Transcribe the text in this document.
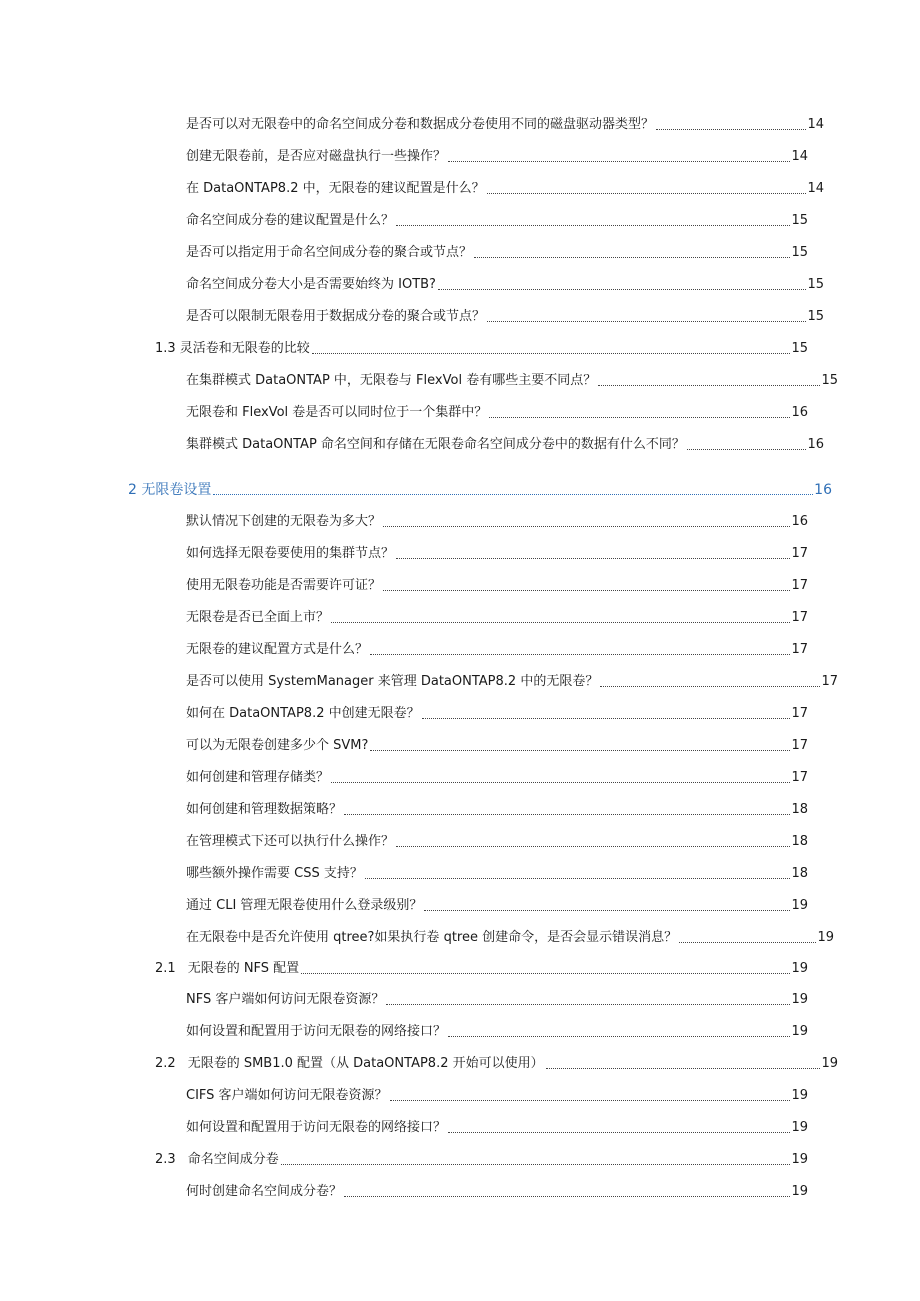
是否可以对无限卷中的命名空间成分卷和数据成分卷使用不同的磁盘驱动器类型？	14
创建无限卷前，是否应对磁盘执行一些操作？	14
在 DataONTAP8.2 中，无限卷的建议配置是什么？	14
命名空间成分卷的建议配置是什么？	15
是否可以指定用于命名空间成分卷的聚合或节点？	15
命名空间成分卷大小是否需要始终为 IOTB?	15
是否可以限制无限卷用于数据成分卷的聚合或节点？	15
1.3 灵活卷和无限卷的比较	15
在集群模式 DataONTAP 中，无限卷与 FlexVol 卷有哪些主要不同点？	15
无限卷和 FlexVol 卷是否可以同时位于一个集群中？	16
集群模式 DataONTAP 命名空间和存储在无限卷命名空间成分卷中的数据有什么不同？	16
2 无限卷设置	16
默认情况下创建的无限卷为多大？	16
如何选择无限卷要使用的集群节点？	17
使用无限卷功能是否需要许可证？	17
无限卷是否已全面上市？	17
无限卷的建议配置方式是什么？	17
是否可以使用 SystemManager 来管理 DataONTAP8.2 中的无限卷？	17
如何在 DataONTAP8.2 中创建无限卷？	17
可以为无限卷创建多少个 SVM?	17
如何创建和管理存储类？	17
如何创建和管理数据策略？	18
在管理模式下还可以执行什么操作？	18
哪些额外操作需要 CSS 支持？	18
通过 CLI 管理无限卷使用什么登录级别？	19
在无限卷中是否允许使用 qtree?如果执行卷 qtree 创建命令，是否会显示错误消息？	19
2.1 无限卷的 NFS 配置	19
NFS 客户端如何访问无限卷资源？	19
如何设置和配置用于访问无限卷的网络接口？	19
2.2 无限卷的 SMB1.0 配置（从 DataONTAP8.2 开始可以使用）	19
CIFS 客户端如何访问无限卷资源？	19
如何设置和配置用于访问无限卷的网络接口？	19
2.3 命名空间成分卷	19
何时创建命名空间成分卷？	19
